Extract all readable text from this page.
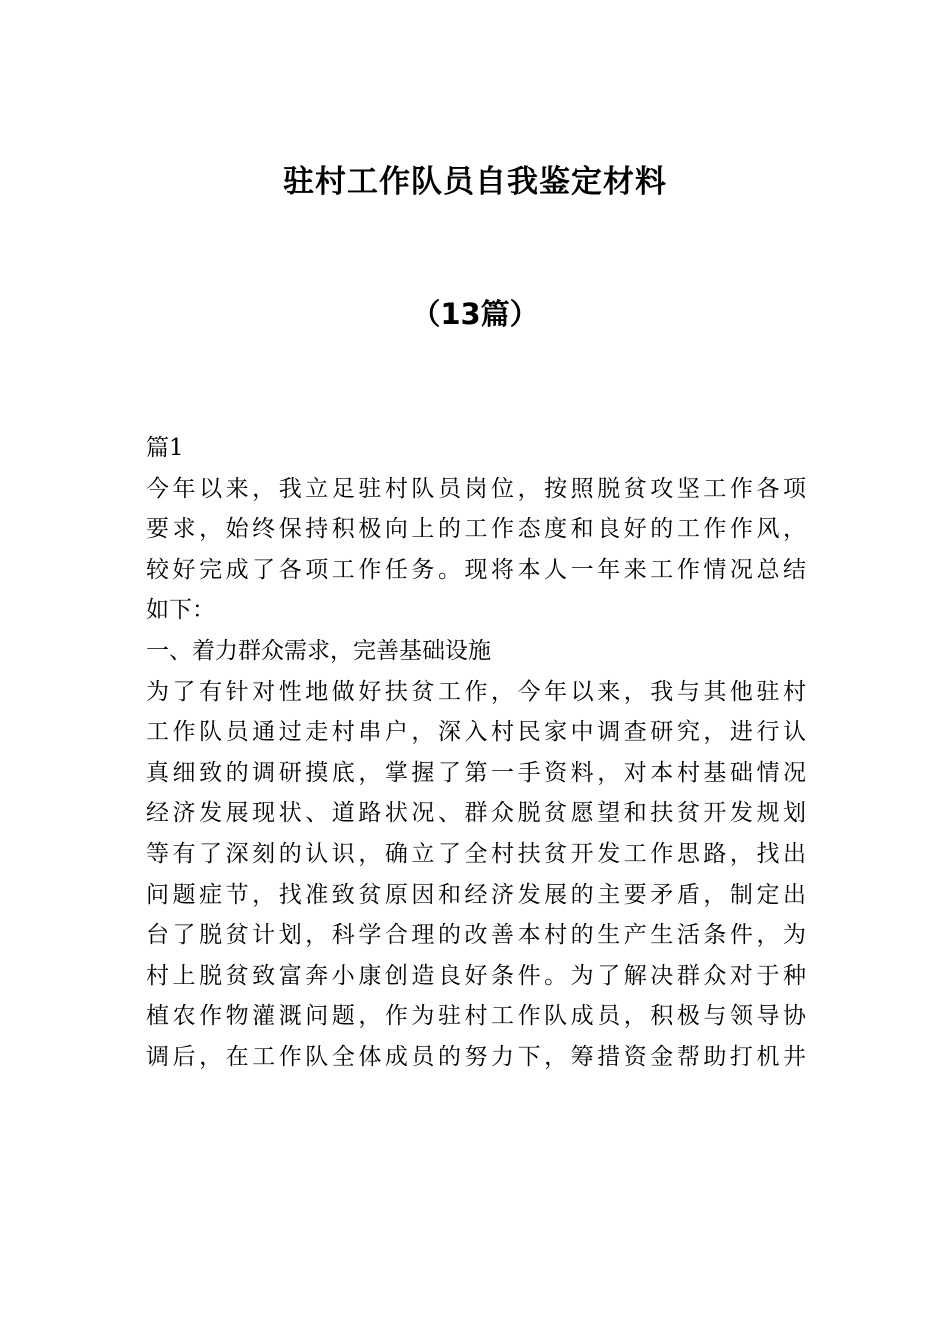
驻村工作队员自我鉴定材料
（13篇）
篇1
今年以来，我立足驻村队员岗位，按照脱贫攻坚工作各项
要求，始终保持积极向上的工作态度和良好的工作作风，
较好完成了各项工作任务。现将本人一年来工作情况总结
如下：
一、着力群众需求，完善基础设施
为了有针对性地做好扶贫工作，今年以来，我与其他驻村
工作队员通过走村串户，深入村民家中调查研究，进行认
真细致的调研摸底，掌握了第一手资料，对本村基础情况
经济发展现状、道路状况、群众脱贫愿望和扶贫开发规划
等有了深刻的认识，确立了全村扶贫开发工作思路，找出
问题症节，找准致贫原因和经济发展的主要矛盾，制定出
台了脱贫计划，科学合理的改善本村的生产生活条件，为
村上脱贫致富奔小康创造良好条件。为了解决群众对于种
植农作物灌溉问题，作为驻村工作队成员，积极与领导协
调后，在工作队全体成员的努力下，筹措资金帮助打机井
